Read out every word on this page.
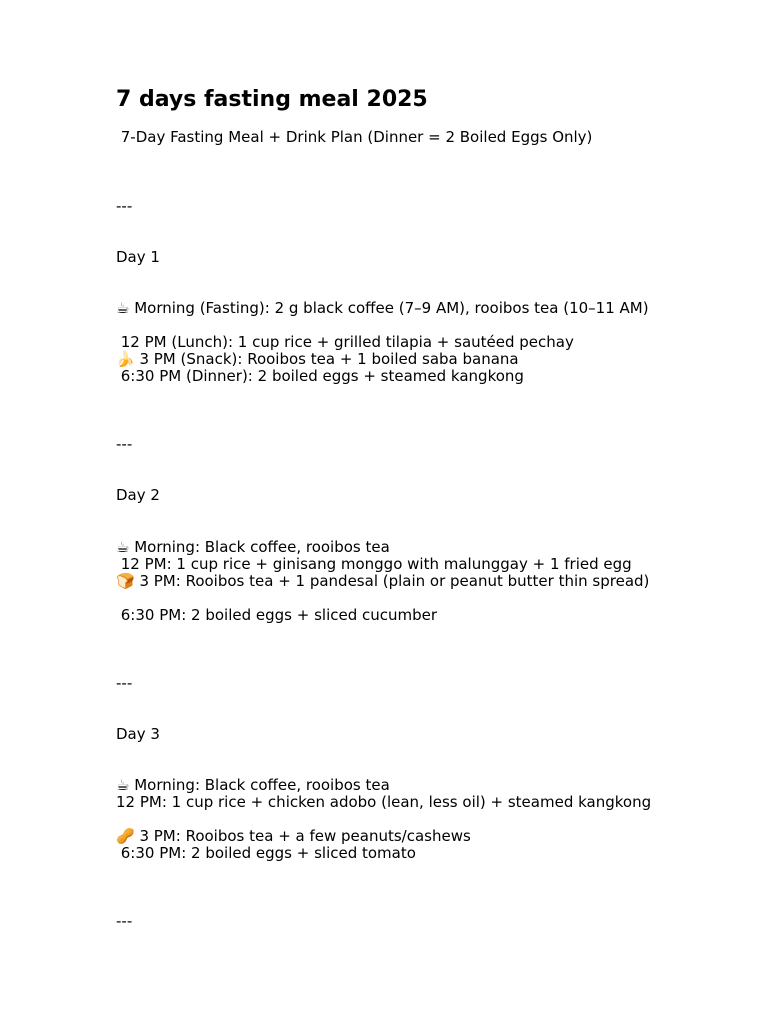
7 days fasting meal 2025
7-Day Fasting Meal + Drink Plan (Dinner = 2 Boiled Eggs Only)
---
Day 1
☕ Morning (Fasting): 2 g black coffee (7–9 AM), rooibos tea (10–11 AM)
12 PM (Lunch): 1 cup rice + grilled tilapia + sautéed pechay
🍌 3 PM (Snack): Rooibos tea + 1 boiled saba banana
6:30 PM (Dinner): 2 boiled eggs + steamed kangkong
---
Day 2
☕ Morning: Black coffee, rooibos tea
12 PM: 1 cup rice + ginisang monggo with malunggay + 1 fried egg
🍞 3 PM: Rooibos tea + 1 pandesal (plain or peanut butter thin spread)
6:30 PM: 2 boiled eggs + sliced cucumber
---
Day 3
☕ Morning: Black coffee, rooibos tea
12 PM: 1 cup rice + chicken adobo (lean, less oil) + steamed kangkong
🥜 3 PM: Rooibos tea + a few peanuts/cashews
6:30 PM: 2 boiled eggs + sliced tomato
---
